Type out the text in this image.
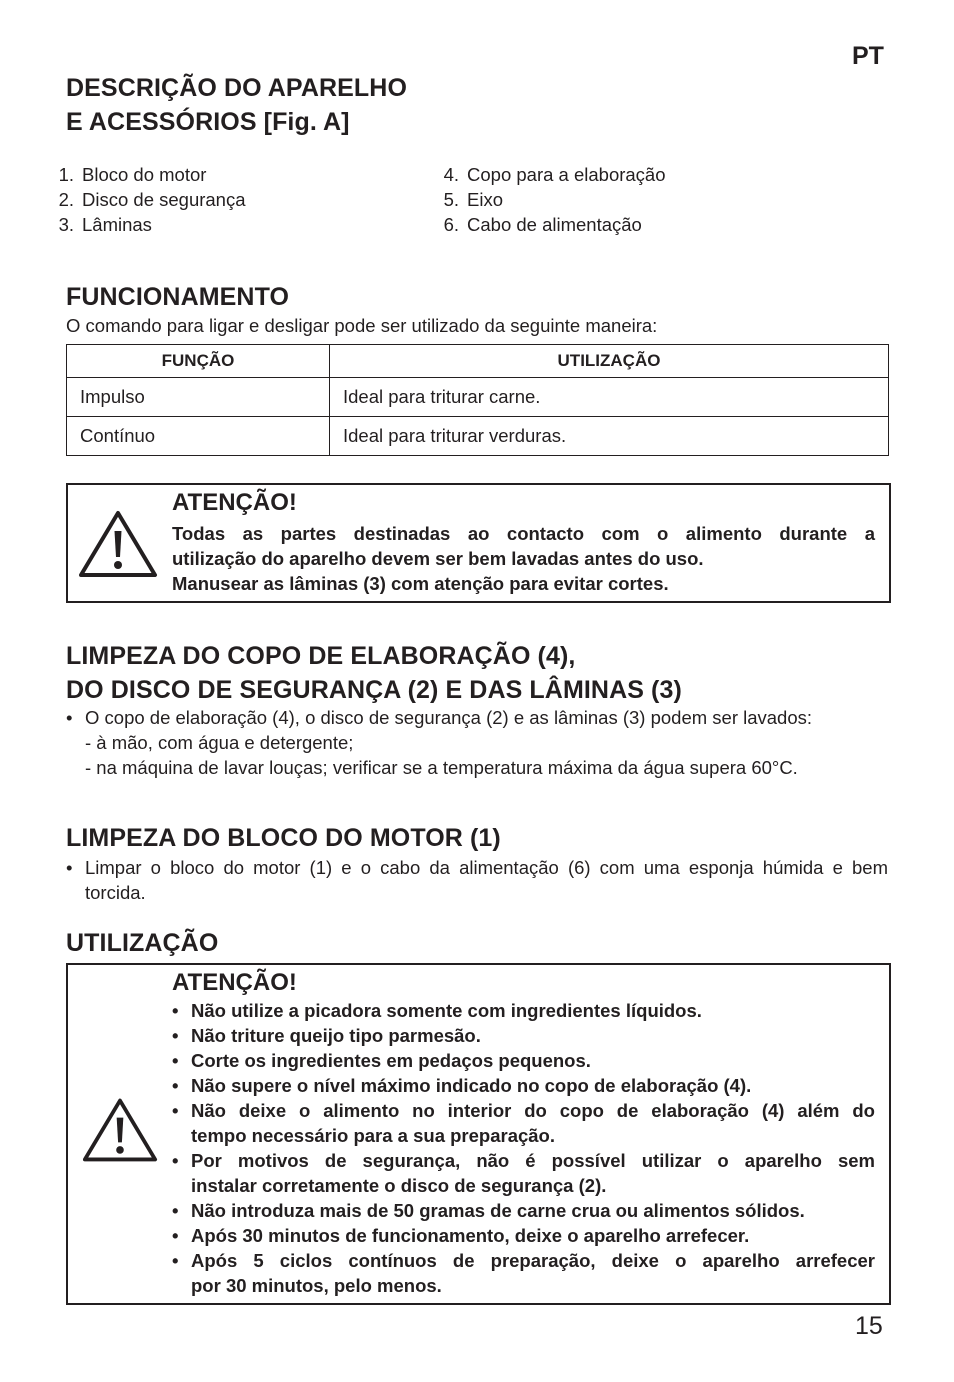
PT
DESCRIÇÃO DO APARELHO
E ACESSÓRIOS [Fig. A]
1. Bloco do motor
2. Disco de segurança
3. Lâminas
4. Copo para a elaboração
5. Eixo
6. Cabo de alimentação
FUNCIONAMENTO
O comando para ligar e desligar pode ser utilizado da seguinte maneira:
FUNÇÃO	UTILIZAÇÃO
Impulso	Ideal para triturar carne.
Contínuo	Ideal para triturar verduras.
ATENÇÃO!
Todas as partes destinadas ao contacto com o alimento durante a
utilização do aparelho devem ser bem lavadas antes do uso.
Manusear as lâminas (3) com atenção para evitar cortes.
LIMPEZA DO COPO DE ELABORAÇÃO (4),
DO DISCO DE SEGURANÇA (2) E DAS LÂMINAS (3)
• O copo de elaboração (4), o disco de segurança (2) e as lâminas (3) podem ser lavados:
- à mão, com água e detergente;
- na máquina de lavar louças; verificar se a temperatura máxima da água supera 60°C.
LIMPEZA DO BLOCO DO MOTOR (1)
• Limpar o bloco do motor (1) e o cabo da alimentação (6) com uma esponja húmida e bem
torcida.
UTILIZAÇÃO
ATENÇÃO!
• Não utilize a picadora somente com ingredientes líquidos.
• Não triture queijo tipo parmesão.
• Corte os ingredientes em pedaços pequenos.
• Não supere o nível máximo indicado no copo de elaboração (4).
• Não deixe o alimento no interior do copo de elaboração (4) além do
tempo necessário para a sua preparação.
• Por motivos de segurança, não é possível utilizar o aparelho sem
instalar corretamente o disco de segurança (2).
• Não introduza mais de 50 gramas de carne crua ou alimentos sólidos.
• Após 30 minutos de funcionamento, deixe o aparelho arrefecer.
• Após 5 ciclos contínuos de preparação, deixe o aparelho arrefecer
por 30 minutos, pelo menos.
15
